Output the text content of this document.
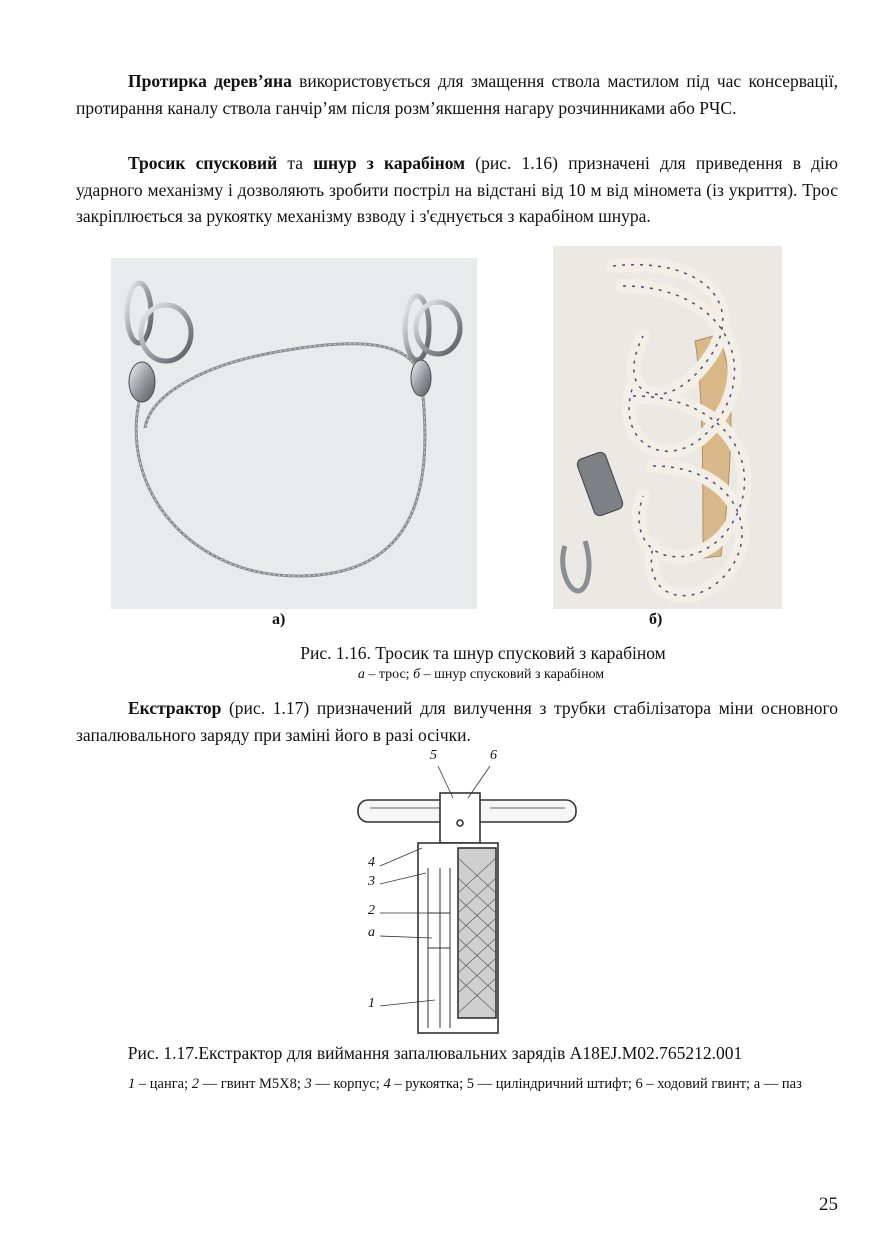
Протирка дерев’яна використовується для змащення ствола мастилом під час консервації, протирання каналу ствола ганчір’ям після розм’якшення нагару розчинниками або РЧС.

Тросик спусковий та шнур з карабіном (рис. 1.16) призначені для приведення в дію ударного механізму і дозволяють зробити постріл на відстані від 10 м від міномета (із укриття). Трос закріплюється за рукоятку механізму взводу і з'єднується з карабіном шнура.

а)	б)
Рис. 1.16. Тросик та шнур спусковий з карабіном
а – трос; б – шнур спусковий з карабіном

Екстрактор (рис. 1.17) призначений для вилучення з трубки стабілізатора міни основного запалювального заряду при заміні його в разі осічки.

5	6
4
3
2
а
1
Рис. 1.17.Екстрактор для виймання запалювальних зарядів А18ЕJ.М02.765212.001
1 – цанга; 2 — гвинт М5Х8; 3 — корпус; 4 – рукоятка; 5 — циліндричний штифт; 6 – ходовий гвинт; а — паз
25
